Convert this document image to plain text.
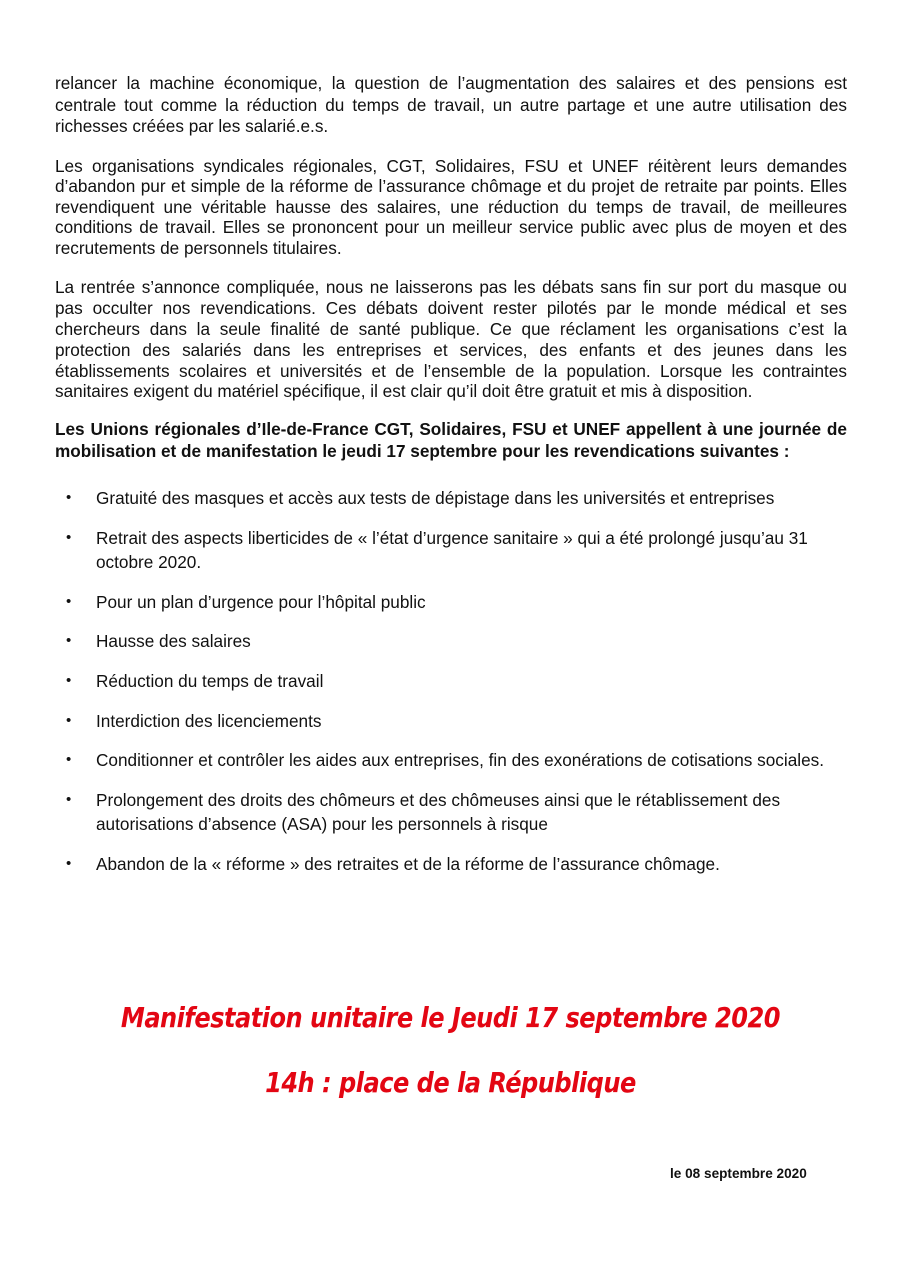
relancer la machine économique, la question de l’augmentation des salaires et des pensions est centrale tout comme la réduction du temps de travail, un autre partage et une autre utilisation des richesses créées par les salarié.e.s.

Les organisations syndicales régionales, CGT, Solidaires, FSU et UNEF réitèrent leurs demandes d’abandon pur et simple de la réforme de l’assurance chômage et du projet de retraite par points. Elles revendiquent une véritable hausse des salaires, une réduction du temps de travail, de meilleures conditions de travail. Elles se prononcent pour un meilleur service public avec plus de moyen et des recrutements de personnels titulaires.

La rentrée s’annonce compliquée, nous ne laisserons pas les débats sans fin sur port du masque ou pas occulter nos revendications. Ces débats doivent rester pilotés par le monde médical et ses chercheurs dans la seule finalité de santé publique. Ce que réclament les organisations c’est la protection des salariés dans les entreprises et services, des enfants et des jeunes dans les établissements scolaires et universités et de l’ensemble de la population. Lorsque les contraintes sanitaires exigent du matériel spécifique, il est clair qu’il doit être gratuit et mis à disposition.

Les Unions régionales d’Ile-de-France CGT, Solidaires, FSU et UNEF appellent à une journée de mobilisation et de manifestation le jeudi 17 septembre pour les revendications suivantes :

• Gratuité des masques et accès aux tests de dépistage dans les universités et entreprises
• Retrait des aspects liberticides de « l’état d’urgence sanitaire » qui a été prolongé jusqu’au 31 octobre 2020.
• Pour un plan d’urgence pour l’hôpital public
• Hausse des salaires
• Réduction du temps de travail
• Interdiction des licenciements
• Conditionner et contrôler les aides aux entreprises, fin des exonérations de cotisations sociales.
• Prolongement des droits des chômeurs et des chômeuses ainsi que le rétablissement des autorisations d’absence (ASA) pour les personnels à risque
• Abandon de la « réforme » des retraites et de la réforme de l’assurance chômage.
Manifestation unitaire le Jeudi 17 septembre 2020
14h : place de la République
le 08 septembre 2020
